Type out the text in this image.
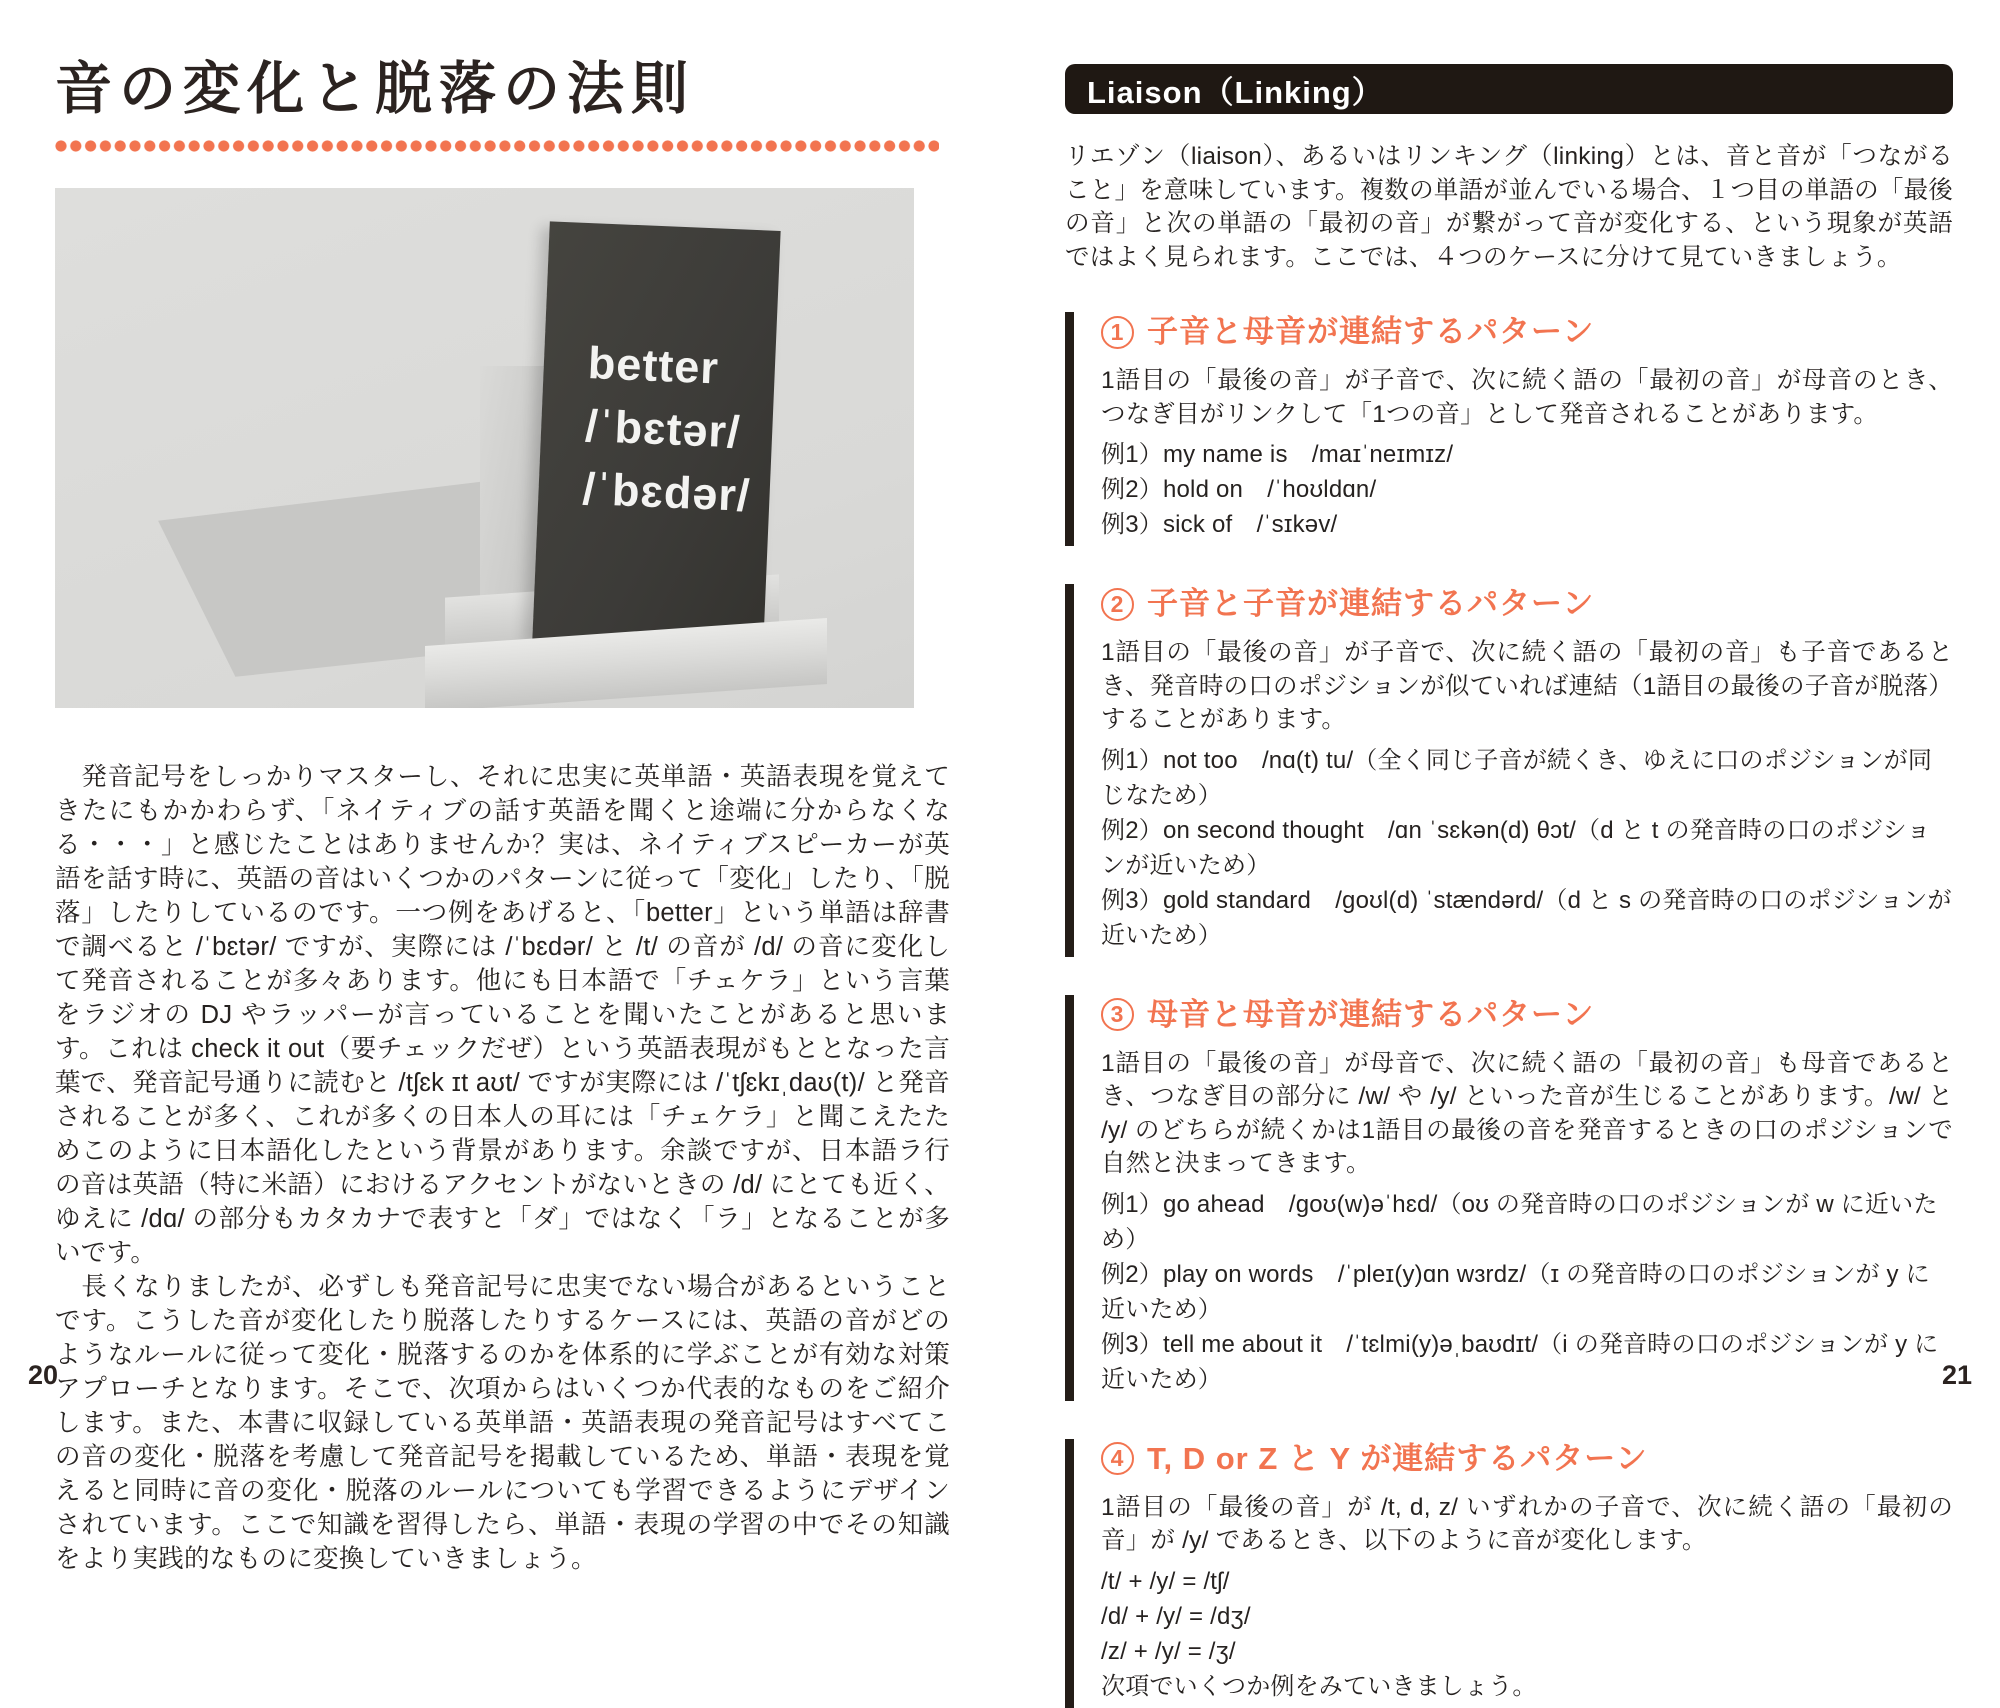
音の変化と脱落の法則
better
/ˈbɛtər/
/ˈbɛdər/

　発音記号をしっかりマスターし、それに忠実に英単語・英語表現を覚えてきたにもかかわらず、「ネイティブの話す英語を聞くと途端に分からなくなる・・・」と感じたことはありませんか？実は、ネイティブスピーカーが英語を話す時に、英語の音はいくつかのパターンに従って「変化」したり、「脱落」したりしているのです。一つ例をあげると、「better」という単語は辞書で調べると /ˈbɛtər/ ですが、実際には /ˈbɛdər/ と /t/ の音が /d/ の音に変化して発音されることが多々あります。他にも日本語で「チェケラ」という言葉をラジオの DJ やラッパーが言っていることを聞いたことがあると思います。これは check it out（要チェックだぜ）という英語表現がもととなった言葉で、発音記号通りに読むと /tʃɛk ɪt aʊt/ ですが実際には /ˈtʃɛkɪˌdaʊ(t)/ と発音されることが多く、これが多くの日本人の耳には「チェケラ」と聞こえたためこのように日本語化したという背景があります。余談ですが、日本語ラ行の音は英語（特に米語）におけるアクセントがないときの /d/ にとても近く、ゆえに /dɑ/ の部分もカタカナで表すと「ダ」ではなく「ラ」となることが多いです。

　長くなりましたが、必ずしも発音記号に忠実でない場合があるということです。こうした音が変化したり脱落したりするケースには、英語の音がどのようなルールに従って変化・脱落するのかを体系的に学ぶことが有効な対策アプローチとなります。そこで、次項からはいくつか代表的なものをご紹介します。また、本書に収録している英単語・英語表現の発音記号はすべてこの音の変化・脱落を考慮して発音記号を掲載しているため、単語・表現を覚えると同時に音の変化・脱落のルールについても学習できるようにデザインされています。ここで知識を習得したら、単語・表現の学習の中でその知識をより実践的なものに変換していきましょう。

Liaison（Linking）
リエゾン（liaison）、あるいはリンキング（linking）とは、音と音が「つながること」を意味しています。複数の単語が並んでいる場合、１つ目の単語の「最後の音」と次の単語の「最初の音」が繋がって音が変化する、という現象が英語ではよく見られます。ここでは、４つのケースに分けて見ていきましょう。
1 子音と母音が連結するパターン
1語目の「最後の音」が子音で、次に続く語の「最初の音」が母音のとき、つなぎ目がリンクして「1つの音」として発音されることがあります。
例1）my name is　/maɪˈneɪmɪz/
例2）hold on　/ˈhoʊldɑn/
例3）sick of　/ˈsɪkəv/
2 子音と子音が連結するパターン
1語目の「最後の音」が子音で、次に続く語の「最初の音」も子音であるとき、発音時の口のポジションが似ていれば連結（1語目の最後の子音が脱落）することがあります。
例1）not too　/nɑ(t) tu/（全く同じ子音が続くき、ゆえに口のポジションが同じなため）
例2）on second thought　/ɑn ˈsɛkən(d) θɔt/（d と t の発音時の口のポジションが近いため）
例3）gold standard　/goʊl(d) ˈstændərd/（d と s の発音時の口のポジションが近いため）
3 母音と母音が連結するパターン
1語目の「最後の音」が母音で、次に続く語の「最初の音」も母音であるとき、つなぎ目の部分に /w/ や /y/ といった音が生じることがあります。/w/ と /y/ のどちらが続くかは1語目の最後の音を発音するときの口のポジションで自然と決まってきます。
例1）go ahead　/goʊ(w)əˈhɛd/（oʊ の発音時の口のポジションが w に近いため）
例2）play on words　/ˈpleɪ(y)ɑn wɜrdz/（ɪ の発音時の口のポジションが y に近いため）
例3）tell me about it　/ˈtɛlmi(y)əˌbaʊdɪt/（i の発音時の口のポジションが y に近いため）
4 T, D or Z と Y が連結するパターン
1語目の「最後の音」が /t, d, z/ いずれかの子音で、次に続く語の「最初の音」が /y/ であるとき、以下のように音が変化します。
/t/ + /y/ = /tʃ/
/d/ + /y/ = /dʒ/
/z/ + /y/ = /ʒ/
次項でいくつか例をみていきましょう。
20	21
